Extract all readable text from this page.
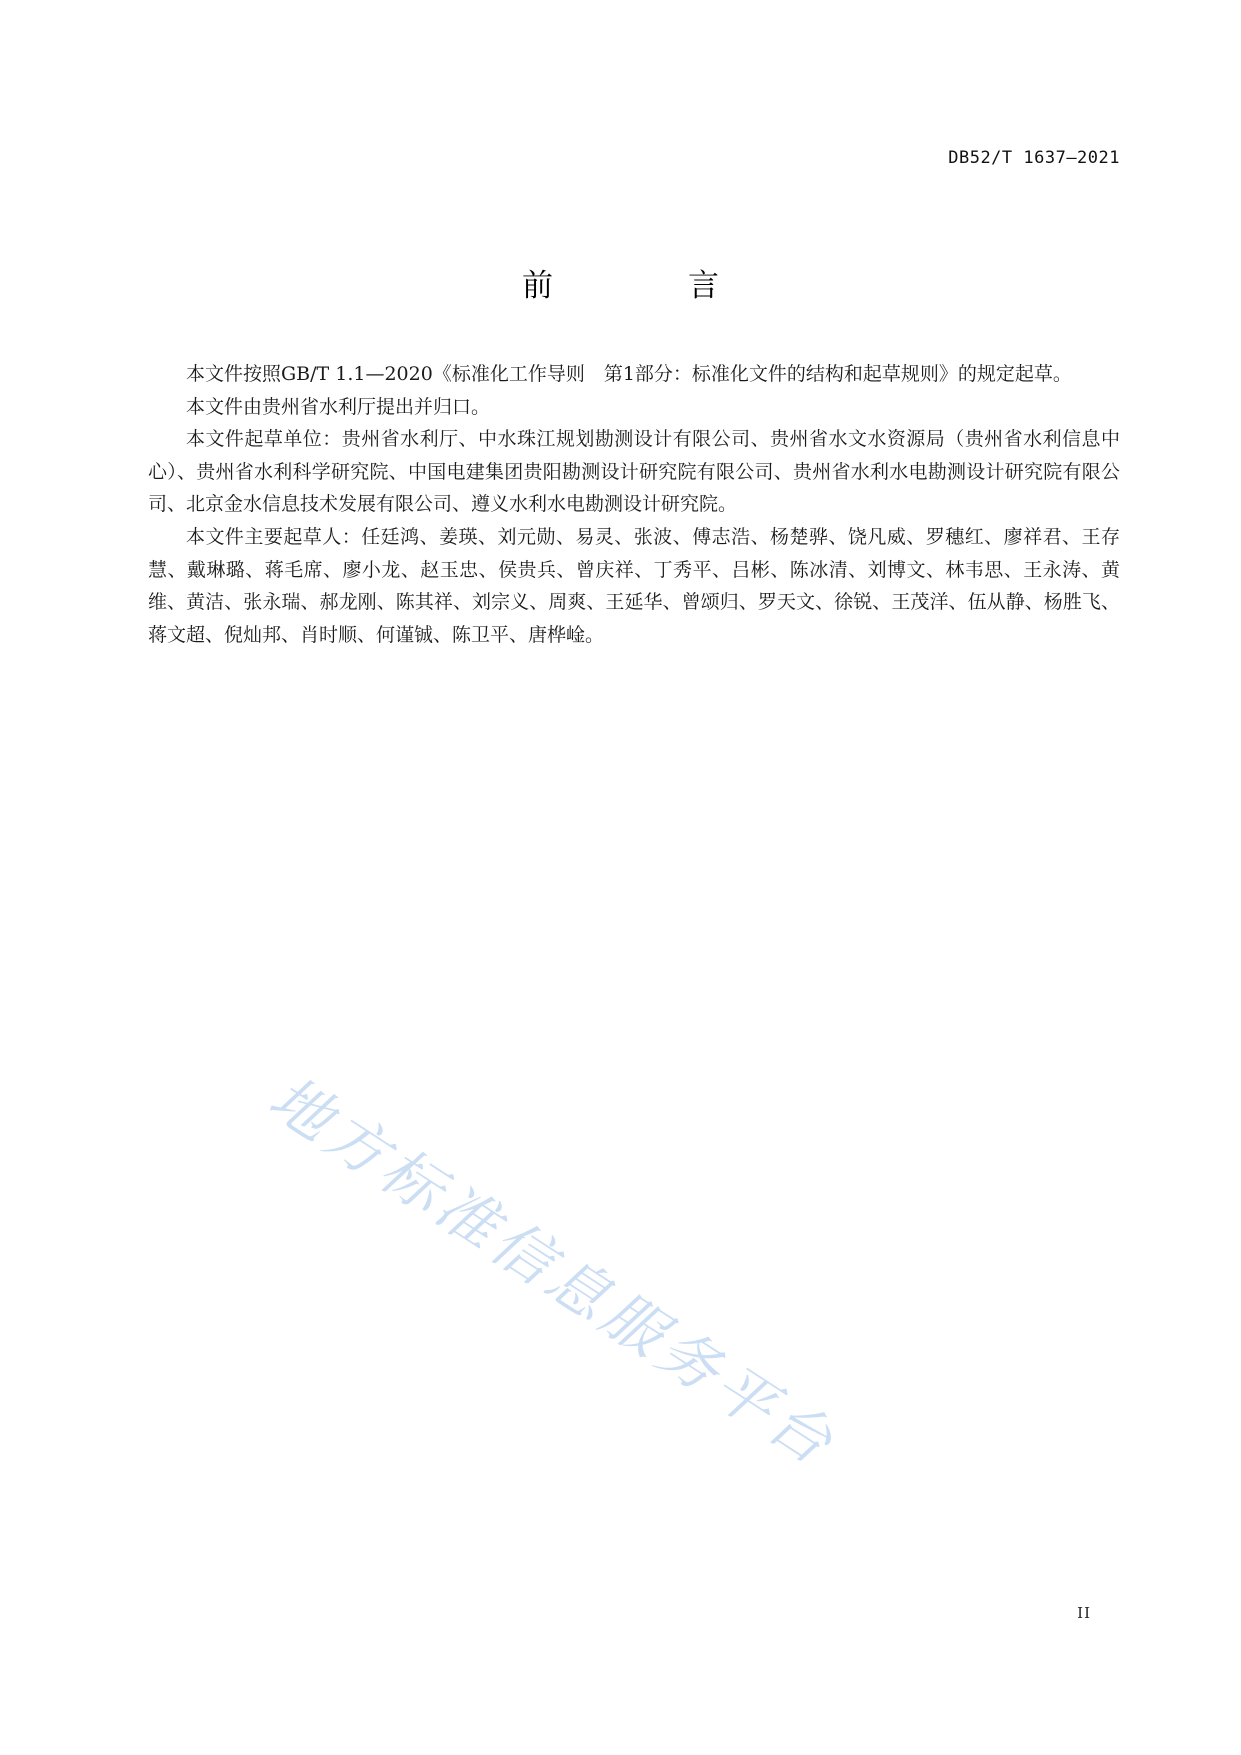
DB52/T 1637—2021
前　言

本文件按照GB/T 1.1—2020《标准化工作导则　第1部分：标准化文件的结构和起草规则》的规定起草。

本文件由贵州省水利厅提出并归口。

本文件起草单位：贵州省水利厅、中水珠江规划勘测设计有限公司、贵州省水文水资源局（贵州省水利信息中心）、贵州省水利科学研究院、中国电建集团贵阳勘测设计研究院有限公司、贵州省水利水电勘测设计研究院有限公司、北京金水信息技术发展有限公司、遵义水利水电勘测设计研究院。

本文件主要起草人：任廷鸿、姜瑛、刘元勋、易灵、张波、傅志浩、杨楚骅、饶凡威、罗穗红、廖祥君、王存慧、戴琳璐、蒋毛席、廖小龙、赵玉忠、侯贵兵、曾庆祥、丁秀平、吕彬、陈冰清、刘博文、林韦思、王永涛、黄维、黄洁、张永瑞、郝龙刚、陈其祥、刘宗义、周爽、王延华、曾颂归、罗天文、徐锐、王茂洋、伍从静、杨胜飞、蒋文超、倪灿邦、肖时顺、何谨铖、陈卫平、唐桦崯。

地方标准信息服务平台
II
